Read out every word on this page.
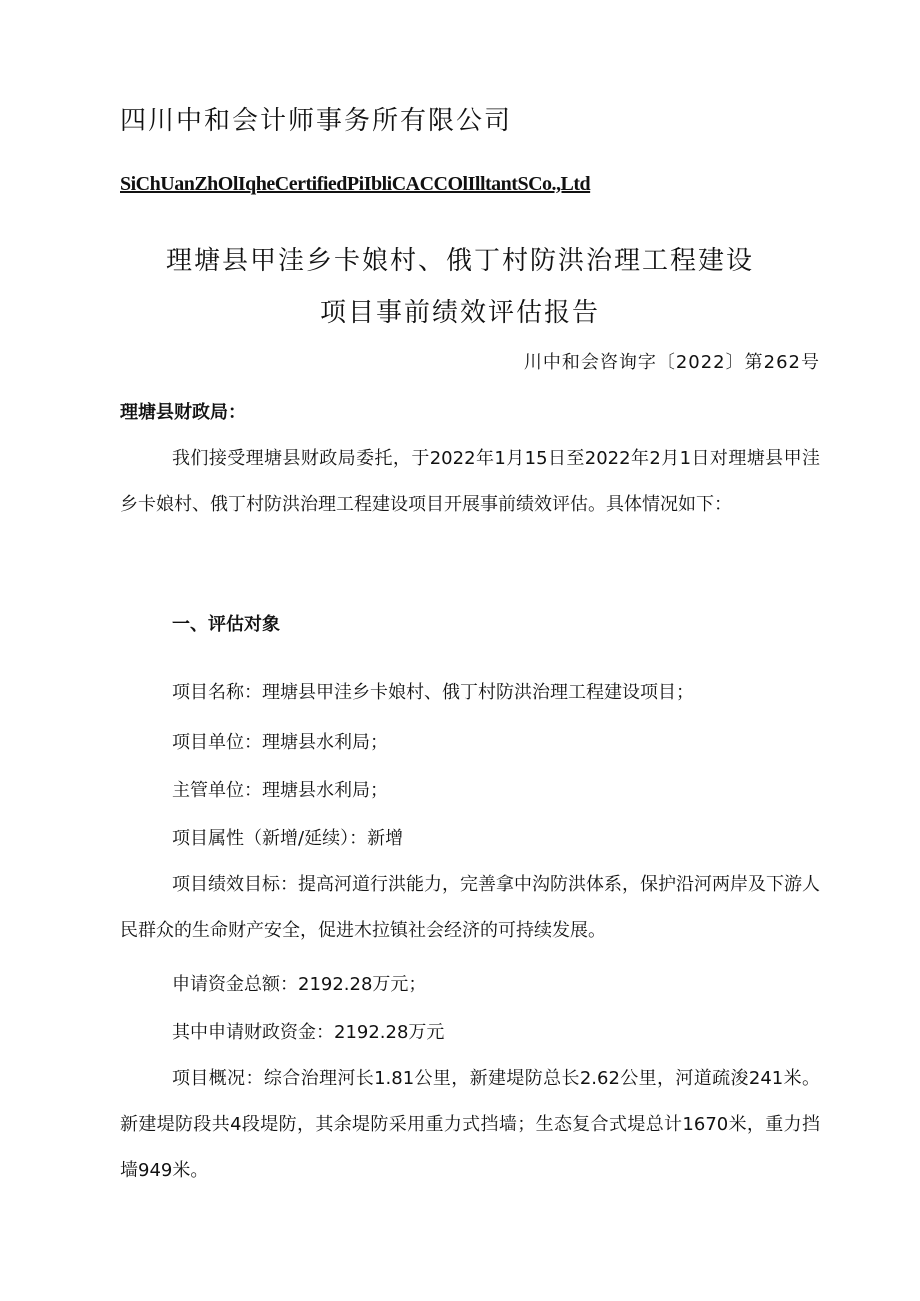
四川中和会计师事务所有限公司
SiChUanZhOlIqheCertifiedPiIbliCACCOlIlltantSCo.,Ltd
理塘县甲洼乡卡娘村、俄丁村防洪治理工程建设
项目事前绩效评估报告
川中和会咨询字〔2022〕第262号
理塘县财政局：
我们接受理塘县财政局委托，于2022年1月15日至2022年2月1日对理塘县甲洼乡卡娘村、俄丁村防洪治理工程建设项目开展事前绩效评估。具体情况如下：
一、评估对象
项目名称：理塘县甲洼乡卡娘村、俄丁村防洪治理工程建设项目；
项目单位：理塘县水利局；
主管单位：理塘县水利局；
项目属性（新增/延续）：新增
项目绩效目标：提高河道行洪能力，完善拿中沟防洪体系，保护沿河两岸及下游人民群众的生命财产安全，促进木拉镇社会经济的可持续发展。
申请资金总额：2192.28万元；
其中申请财政资金：2192.28万元
项目概况：综合治理河长1.81公里，新建堤防总长2.62公里，河道疏浚241米。新建堤防段共4段堤防，其余堤防采用重力式挡墙；生态复合式堤总计1670米，重力挡墙949米。
